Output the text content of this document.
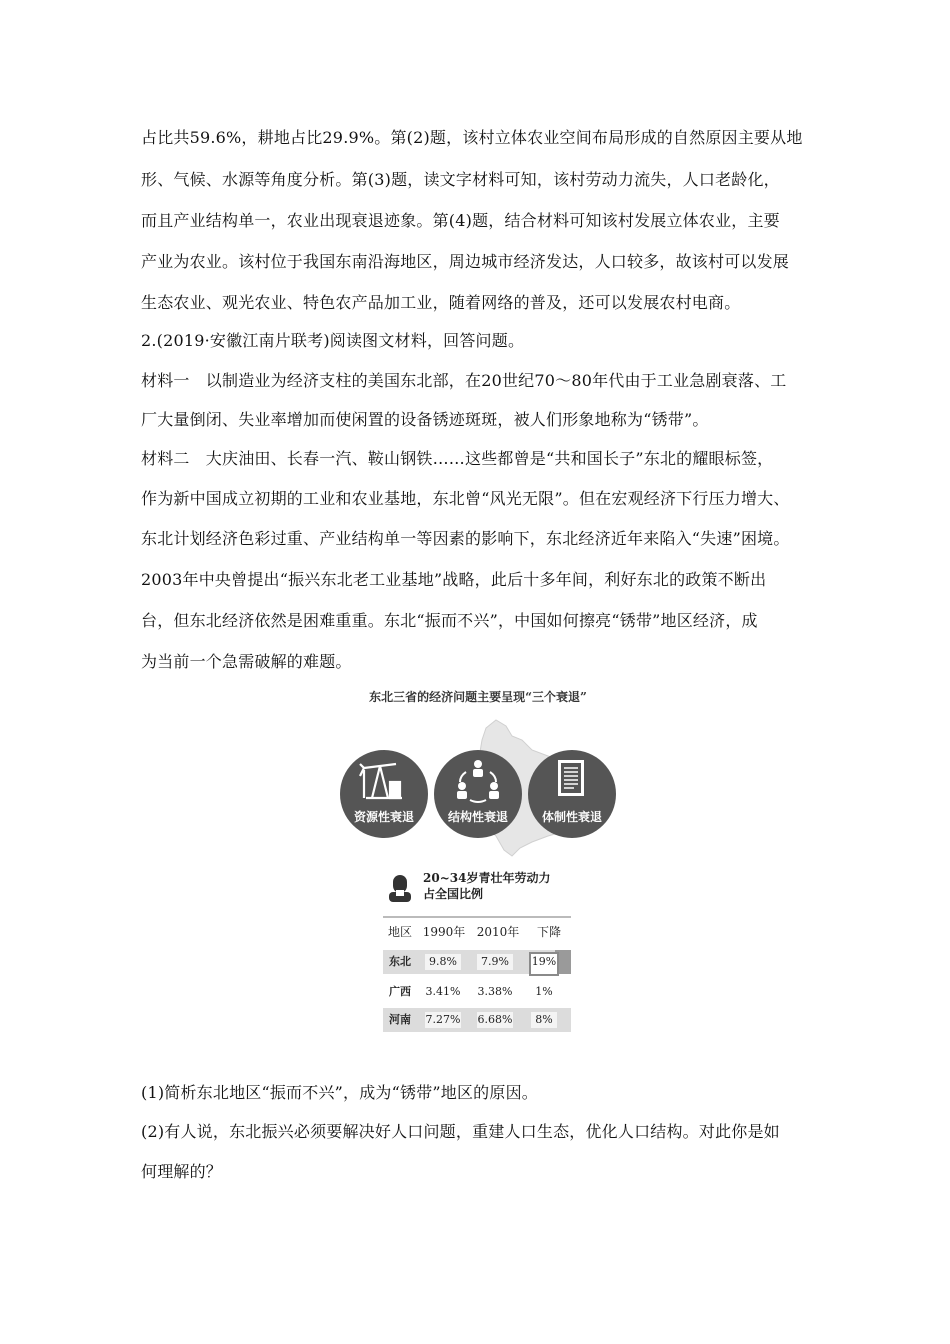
占比共59.6%，耕地占比29.9%。第(2)题，该村立体农业空间布局形成的自然原因主要从地
形、气候、水源等角度分析。第(3)题，读文字材料可知，该村劳动力流失，人口老龄化，
而且产业结构单一，农业出现衰退迹象。第(4)题，结合材料可知该村发展立体农业，主要
产业为农业。该村位于我国东南沿海地区，周边城市经济发达，人口较多，故该村可以发展
生态农业、观光农业、特色农产品加工业，随着网络的普及，还可以发展农村电商。
2.(2019·安徽江南片联考)阅读图文材料，回答问题。
材料一　以制造业为经济支柱的美国东北部，在20世纪70～80年代由于工业急剧衰落、工
厂大量倒闭、失业率增加而使闲置的设备锈迹斑斑，被人们形象地称为“锈带”。
材料二　大庆油田、长春一汽、鞍山钢铁……这些都曾是“共和国长子”东北的耀眼标签，
作为新中国成立初期的工业和农业基地，东北曾“风光无限”。但在宏观经济下行压力增大、
东北计划经济色彩过重、产业结构单一等因素的影响下，东北经济近年来陷入“失速”困境。
2003年中央曾提出“振兴东北老工业基地”战略，此后十多年间，利好东北的政策不断出
台，但东北经济依然是困难重重。东北“振而不兴”，中国如何擦亮“锈带”地区经济，成
为当前一个急需破解的难题。
东北三省的经济问题主要呈现“三个衰退”
资源性衰退	结构性衰退	体制性衰退
20~34岁青壮年劳动力
占全国比例
地区 1990年 2010年	下降
东北	9.8%	7.9%	19%
广西	3.41% 3.38%	1%
河南	7.27% 6.68%	8%
(1)简析东北地区“振而不兴”，成为“锈带”地区的原因。
(2)有人说，东北振兴必须要解决好人口问题，重建人口生态，优化人口结构。对此你是如
何理解的？
